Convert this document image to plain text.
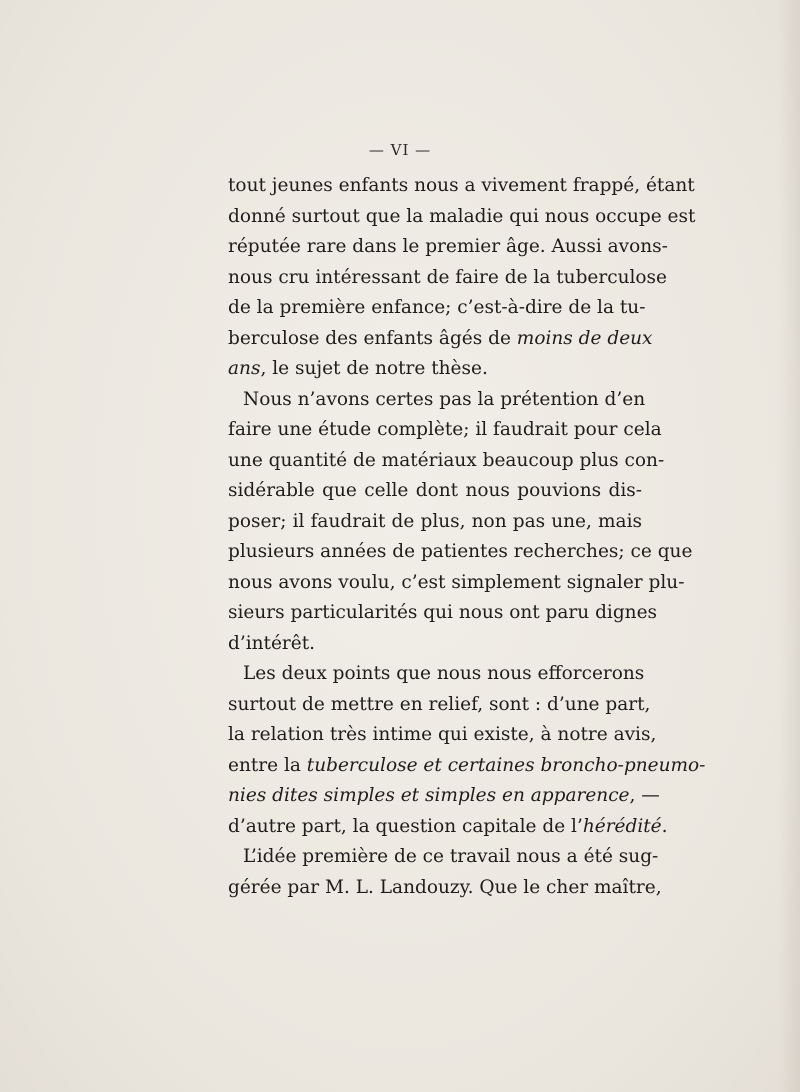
— VI —
tout jeunes enfants nous a vivement frappé, étant
donné surtout que la maladie qui nous occupe est
réputée rare dans le premier âge. Aussi avons-
nous cru intéressant de faire de la tuberculose
de la première enfance; c’est-à-dire de la tu-
berculose des enfants âgés de moins de deux
ans, le sujet de notre thèse.
Nous n’avons certes pas la prétention d’en
faire une étude complète; il faudrait pour cela
une quantité de matériaux beaucoup plus con-
sidérable que celle dont nous pouvions dis-
poser; il faudrait de plus, non pas une, mais
plusieurs années de patientes recherches; ce que
nous avons voulu, c’est simplement signaler plu-
sieurs particularités qui nous ont paru dignes
d’intérêt.
Les deux points que nous nous efforcerons
surtout de mettre en relief, sont : d’une part,
la relation très intime qui existe, à notre avis,
entre la tuberculose et certaines broncho-pneumo-
nies dites simples et simples en apparence, —
d’autre part, la question capitale de l’hérédité.
L’idée première de ce travail nous a été sug-
gérée par M. L. Landouzy. Que le cher maître,
